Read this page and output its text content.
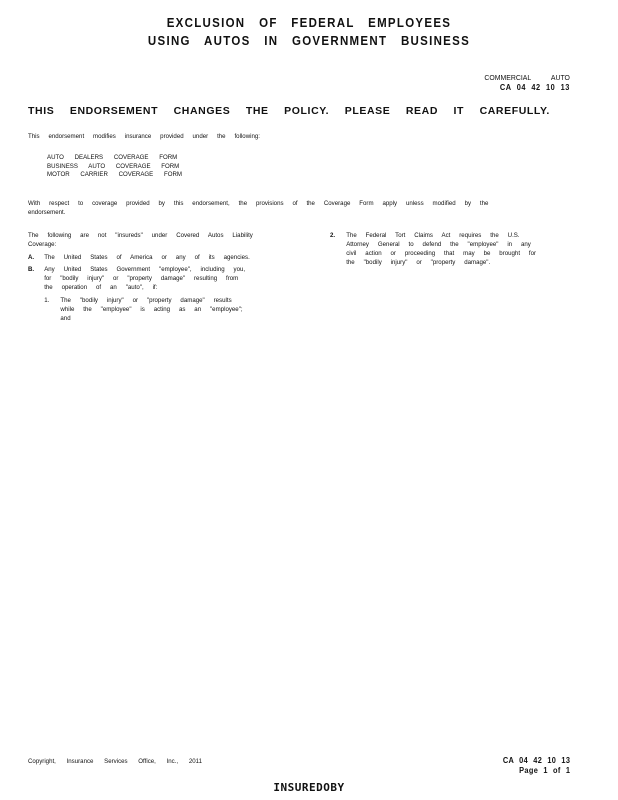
EXCLUSION OF FEDERAL EMPLOYEES
USING AUTOS IN GOVERNMENT BUSINESS
COMMERCIAL AUTO
CA 04 42 10 13
THIS ENDORSEMENT CHANGES THE POLICY. PLEASE READ IT CAREFULLY.
This endorsement modifies insurance provided under the following:
AUTO DEALERS COVERAGE FORM
BUSINESS AUTO COVERAGE FORM
MOTOR CARRIER COVERAGE FORM
With respect to coverage provided by this endorsement, the provisions of the Coverage Form apply unless modified by the endorsement.
The following are not "insureds" under Covered Autos Liability Coverage:
A.	The United States of America or any of its agencies.
B.	Any United States Government "employee", including you, for "bodily injury" or "property damage" resulting from the operation of an "auto", if:
1.	The "bodily injury" or "property damage" results while the "employee" is acting as an "employee"; and
2.	The Federal Tort Claims Act requires the U.S. Attorney General to defend the "employee" in any civil action or proceeding that may be brought for the "bodily injury" or "property damage".
Copyright, Insurance Services Office, Inc., 2011	CA 04 42 10 13
Page 1 of 1
INSUREDOBY
